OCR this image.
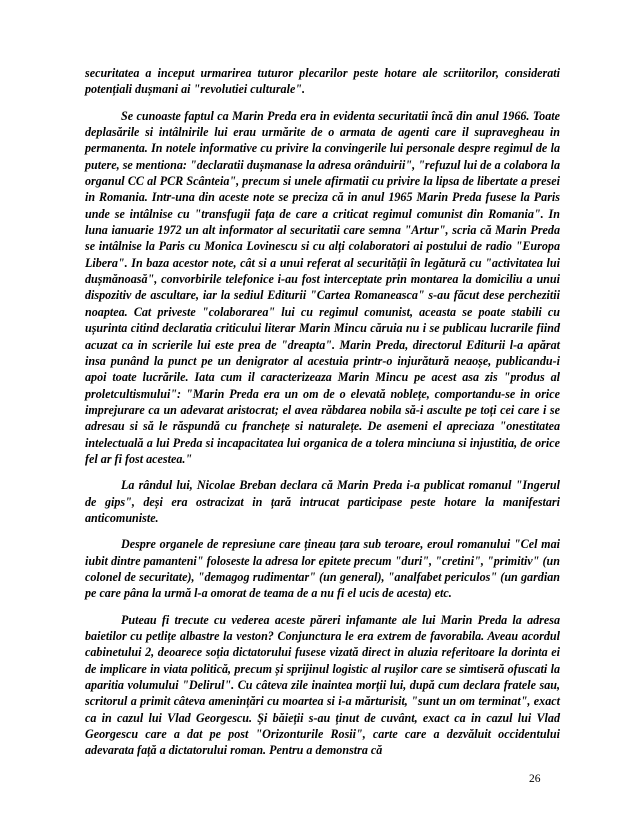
securitatea a inceput urmarirea tuturor plecarilor peste hotare ale scriitorilor, considerati potențiali dușmani ai "revolutiei culturale".

Se cunoaste faptul ca Marin Preda era in evidenta securitatii încă din anul 1966. Toate deplasările si intâlnirile lui erau urmărite de o armata de agenti care il supravegheau in permanenta. In notele informative cu privire la convingerile lui personale despre regimul de la putere, se mentiona: "declaratii dușmanase la adresa orânduirii", "refuzul lui de a colabora la organul CC al PCR Scânteia", precum si unele afirmatii cu privire la lipsa de libertate a presei in Romania. Intr-una din aceste note se preciza că in anul 1965 Marin Preda fusese la Paris unde se intâlnise cu "transfugii fața de care a criticat regimul comunist din Romania". In luna ianuarie 1972 un alt informator al securitatii care semna "Artur", scria că Marin Preda se intâlnise la Paris cu Monica Lovinescu si cu alți colaboratori ai postului de radio "Europa Libera". In baza acestor note, cât si a unui referat al securității în legătură cu "activitatea lui dușmănoasă", convorbirile telefonice i-au fost interceptate prin montarea la domiciliu a unui dispozitiv de ascultare, iar la sediul Editurii "Cartea Romaneasca" s-au făcut dese perchezitii noaptea. Cat priveste "colaborarea" lui cu regimul comunist, aceasta se poate stabili cu ușurinta citind declaratia criticului literar Marin Mincu căruia nu i se publicau lucrarile fiind acuzat ca in scrierile lui este prea de "dreapta". Marin Preda, directorul Editurii l-a apărat insa punând la punct pe un denigrator al acestuia printr-o injurătură neaoșe, publicandu-i apoi toate lucrările. Iata cum il caracterizeaza Marin Mincu pe acest asa zis "produs al proletcultismului": "Marin Preda era un om de o elevată noblețe, comportandu-se in orice imprejurare ca un adevarat aristocrat; el avea răbdarea nobila să-i asculte pe toți cei care i se adresau si să le răspundă cu franchețe si naturalețe. De asemeni el apreciaza "onestitatea intelectuală a lui Preda si incapacitatea lui organica de a tolera minciuna si injustitia, de orice fel ar fi fost acestea."

La rândul lui, Nicolae Breban declara că Marin Preda i-a publicat romanul "Ingerul de gips", deși era ostracizat in țară intrucat participase peste hotare la manifestari anticomuniste.

Despre organele de represiune care țineau țara sub teroare, eroul romanului "Cel mai iubit dintre pamanteni" foloseste la adresa lor epitete precum "duri", "cretini", "primitiv" (un colonel de securitate), "demagog rudimentar" (un general), "analfabet periculos" (un gardian pe care pâna la urmă l-a omorat de teama de a nu fi el ucis de acesta) etc.

Puteau fi trecute cu vederea aceste păreri infamante ale lui Marin Preda la adresa baietilor cu petlițe albastre la veston? Conjunctura le era extrem de favorabila. Aveau acordul cabinetului 2, deoarece soția dictatorului fusese vizată direct in aluzia referitoare la dorinta ei de implicare in viata politică, precum și sprijinul logistic al rușilor care se simtiseră ofuscati la aparitia volumului "Delirul". Cu câteva zile inaintea morții lui, după cum declara fratele sau, scritorul a primit câteva amenințări cu moartea si i-a mărturisit, "sunt un om terminat", exact ca in cazul lui Vlad Georgescu. Și băieții s-au ținut de cuvânt, exact ca in cazul lui Vlad Georgescu care a dat pe post "Orizonturile Rosii", carte care a dezvăluit occidentului adevarata față a dictatorului roman. Pentru a demonstra că

26
